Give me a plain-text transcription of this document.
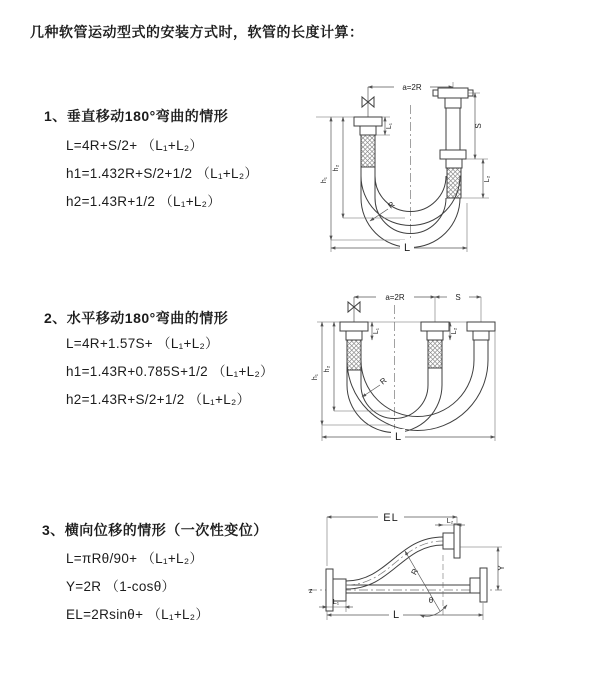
几种软管运动型式的安装方式时，软管的长度计算：
1、垂直移动180°弯曲的情形
L=4R+S/2+ （L₁+L₂）
h1=1.432R+S/2+1/2 （L₁+L₂）
h2=1.43R+1/2 （L₁+L₂）
2、水平移动180°弯曲的情形
L=4R+1.57S+ （L₁+L₂）
h1=1.43R+0.785S+1/2 （L₁+L₂）
h2=1.43R+S/2+1/2 （L₁+L₂）
3、横向位移的情形（一次性变位）
L=πRθ/90+ （L₁+L₂）
Y=2R （1-cosθ）
EL=2Rsinθ+ （L₁+L₂）
a=2R
L₁	S
L₂
h₁
h₂
R
L
a=2R	S
L₁	L₂
h₁
h₂
R
L
z
EL	L₂
Y
R
θ
L₁
L
